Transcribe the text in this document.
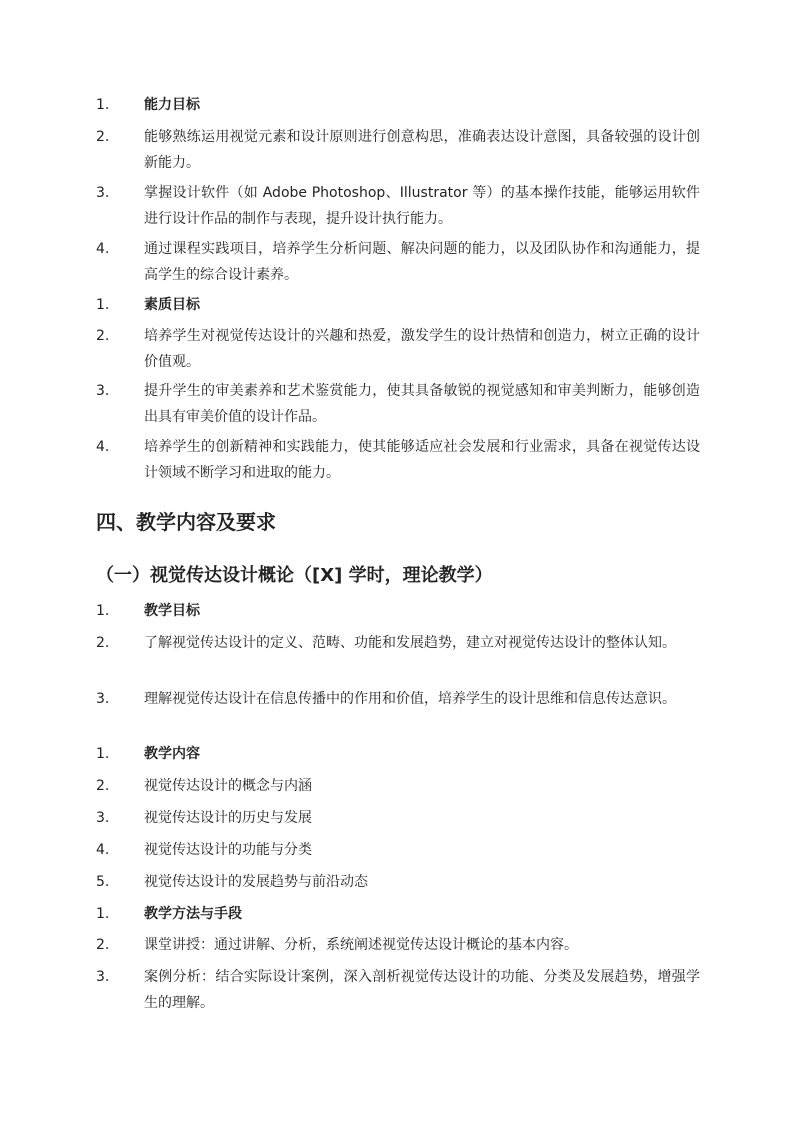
1.	能力目标
2.	能够熟练运用视觉元素和设计原则进行创意构思，准确表达设计意图，具备较强的设计创新能力。
3.	掌握设计软件（如 Adobe Photoshop、Illustrator 等）的基本操作技能，能够运用软件进行设计作品的制作与表现，提升设计执行能力。
4.	通过课程实践项目，培养学生分析问题、解决问题的能力，以及团队协作和沟通能力，提高学生的综合设计素养。
1.	素质目标
2.	培养学生对视觉传达设计的兴趣和热爱，激发学生的设计热情和创造力，树立正确的设计价值观。
3.	提升学生的审美素养和艺术鉴赏能力，使其具备敏锐的视觉感知和审美判断力，能够创造出具有审美价值的设计作品。
4.	培养学生的创新精神和实践能力，使其能够适应社会发展和行业需求，具备在视觉传达设计领域不断学习和进取的能力。
四、教学内容及要求
（一）视觉传达设计概论（[X] 学时，理论教学）
1.	教学目标
2.	了解视觉传达设计的定义、范畴、功能和发展趋势，建立对视觉传达设计的整体认知。
3.	理解视觉传达设计在信息传播中的作用和价值，培养学生的设计思维和信息传达意识。
1.	教学内容
2.	视觉传达设计的概念与内涵
3.	视觉传达设计的历史与发展
4.	视觉传达设计的功能与分类
5.	视觉传达设计的发展趋势与前沿动态
1.	教学方法与手段
2.	课堂讲授：通过讲解、分析，系统阐述视觉传达设计概论的基本内容。
3.	案例分析：结合实际设计案例，深入剖析视觉传达设计的功能、分类及发展趋势，增强学生的理解。
